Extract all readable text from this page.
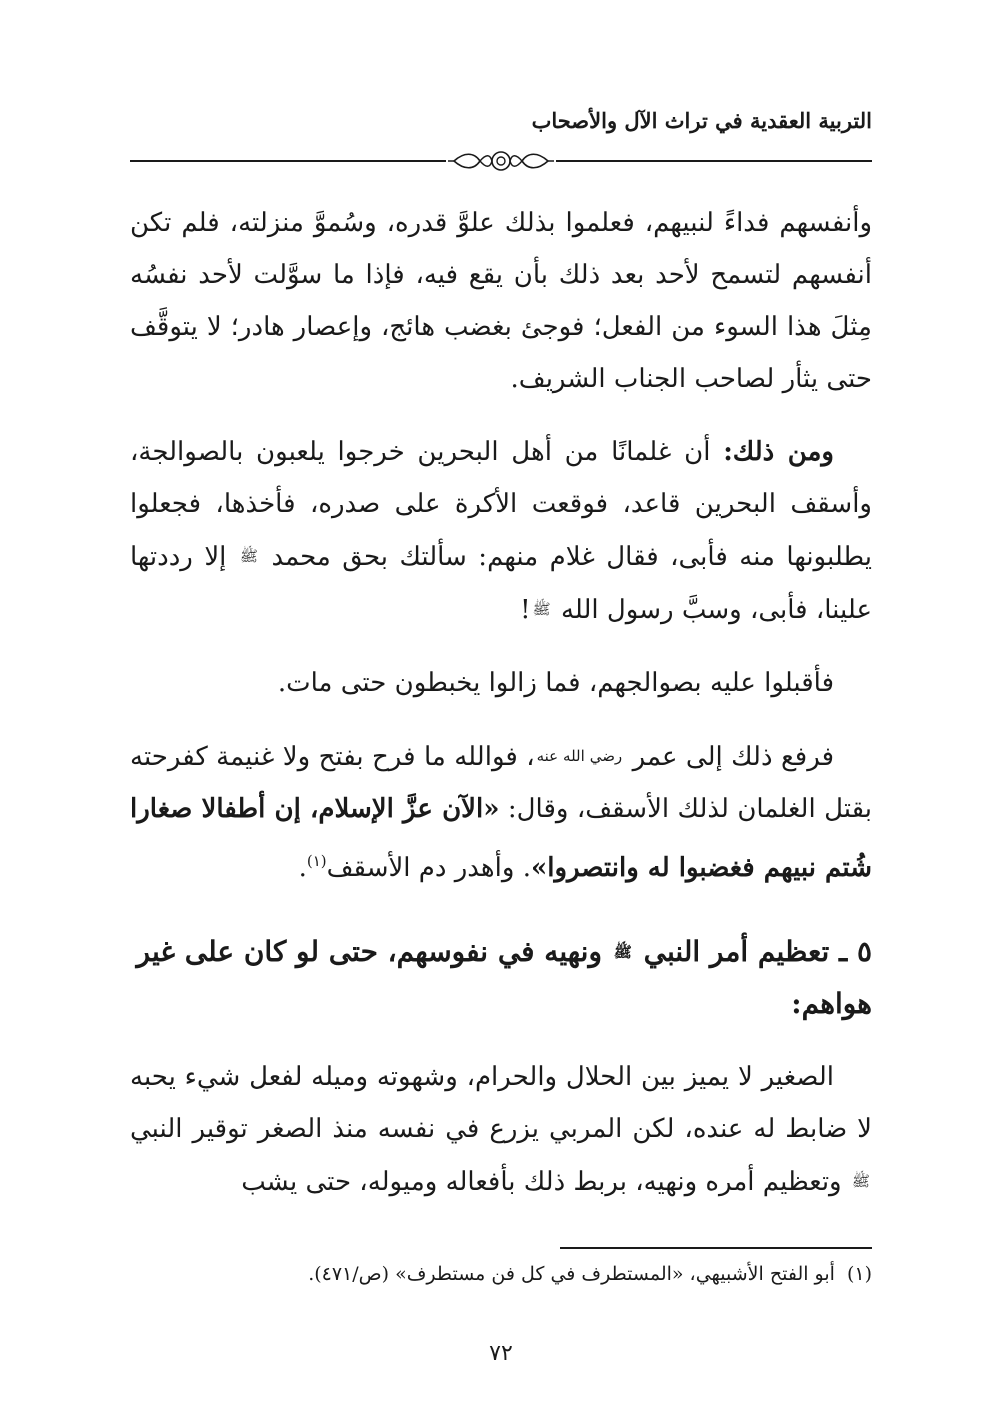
التربية العقدية في تراث الآل والأصحاب

وأنفسهم فداءً لنبيهم، فعلموا بذلك علوَّ قدره، وسُموَّ منزلته، فلم تكن أنفسهم لتسمح لأحد بعد ذلك بأن يقع فيه، فإذا ما سوَّلت لأحد نفسُه مِثلَ هذا السوء من الفعل؛ فوجئ بغضب هائج، وإعصار هادر؛ لا يتوقَّف حتى يثأر لصاحب الجناب الشريف.

ومن ذلك: أن غلمانًا من أهل البحرين خرجوا يلعبون بالصوالجة، وأسقف البحرين قاعد، فوقعت الأكرة على صدره، فأخذها، فجعلوا يطلبونها منه فأبى، فقال غلام منهم: سألتك بحق محمد ﷺ إلا رددتها علينا، فأبى، وسبَّ رسول الله ﷺ!

فأقبلوا عليه بصوالجهم، فما زالوا يخبطون حتى مات.

فرفع ذلك إلى عمر رضي الله عنه، فوالله ما فرح بفتح ولا غنيمة كفرحته بقتل الغلمان لذلك الأسقف، وقال: «الآن عزَّ الإسلام، إن أطفالا صغارا شُتم نبيهم فغضبوا له وانتصروا». وأهدر دم الأسقف$^{(١)}$.

٥ ـ تعظيم أمر النبي ﷺ ونهيه في نفوسهم، حتى لو كان على غير هواهم:

الصغير لا يميز بين الحلال والحرام، وشهوته وميله لفعل شيء يحبه لا ضابط له عنده، لكن المربي يزرع في نفسه منذ الصغر توقير النبي ﷺ وتعظيم أمره ونهيه، بربط ذلك بأفعاله وميوله، حتى يشب

(١)أبو الفتح الأشبيهي، «المستطرف في كل فن مستطرف» (ص/٤٧١).
٧٢
